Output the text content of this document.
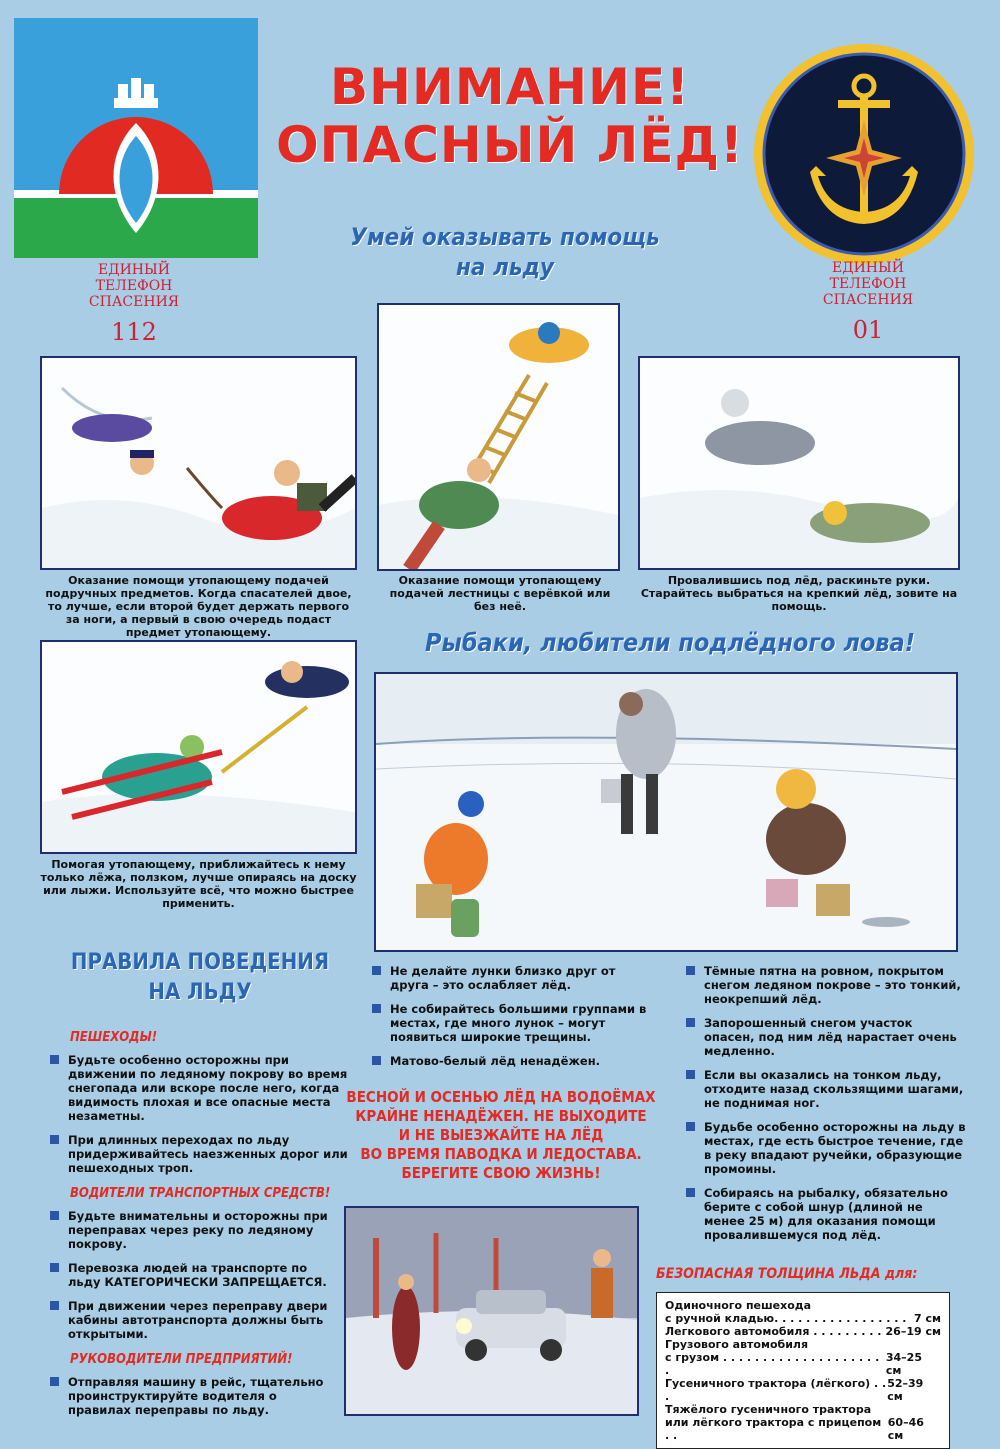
ВНИМАНИЕ!
ОПАСНЫЙ ЛЁД!
ЕДИНЫЙ
ТЕЛЕФОН
СПАСЕНИЯ
112
ЕДИНЫЙ
ТЕЛЕФОН
СПАСЕНИЯ
01
Умей оказывать помощь
на льду
Оказание помощи утопающему подачей подручных предметов. Когда спасателей двое, то лучше, если второй будет держать первого за ноги, а первый в свою очередь подаст предмет утопающему.
Оказание помощи утопающему подачей лестницы с верёвкой или без неё.
Провалившись под лёд, раскиньте руки. Старайтесь выбраться на крепкий лёд, зовите на помощь.
Помогая утопающему, приближайтесь к нему только лёжа, ползком, лучше опираясь на доску или лыжи. Используйте всё, что можно быстрее применить.
Рыбаки, любители подлёдного лова!
ПРАВИЛА ПОВЕДЕНИЯ
НА ЛЬДУ
ПЕШЕХОДЫ!
Будьте особенно осторожны при движении по ледяному покрову во время снегопада или вскоре после него, когда видимость плохая и все опасные места незаметны.
При длинных переходах по льду придерживайтесь наезженных дорог или пешеходных троп.
ВОДИТЕЛИ ТРАНСПОРТНЫХ СРЕДСТВ!
Будьте внимательны и осторожны при переправах через реку по ледяному покрову.
Перевозка людей на транспорте по льду КАТЕГОРИЧЕСКИ ЗАПРЕЩАЕТСЯ.
При движении через переправу двери кабины автотранспорта должны быть открытыми.
РУКОВОДИТЕЛИ ПРЕДПРИЯТИЙ!
Отправляя машину в рейс, тщательно проинструктируйте водителя о правилах переправы по льду.
Не делайте лунки близко друг от друга – это ослабляет лёд.
Не собирайтесь большими группами в местах, где много лунок – могут появиться широкие трещины.
Матово-белый лёд ненадёжен.
Тёмные пятна на ровном, покрытом снегом ледяном покрове – это тонкий, неокрепший лёд.
Запорошенный снегом участок опасен, под ним лёд нарастает очень медленно.
Если вы оказались на тонком льду, отходите назад скользящими шагами, не поднимая ног.
Будьбе особенно осторожны на льду в местах, где есть быстрое течение, где в реку впадают ручейки, образующие промоины.
Собираясь на рыбалку, обязательно берите с собой шнур (длиной не менее 25 м) для оказания помощи провалившемуся под лёд.
ВЕСНОЙ И ОСЕНЬЮ ЛЁД НА ВОДОЁМАХ
КРАЙНЕ НЕНАДЁЖЕН. НЕ ВЫХОДИТЕ
И НЕ ВЫЕЗЖАЙТЕ НА ЛЁД
ВО ВРЕМЯ ПАВОДКА И ЛЕДОСТАВА.
БЕРЕГИТЕ СВОЮ ЖИЗНЬ!
БЕЗОПАСНАЯ ТОЛЩИНА ЛЬДА для:
Одиночного пешехода
с ручной кладью. . . . . . . . . . . . . . . . . 7 см
Легкового автомобиля . . . . . . . . . 26–19 см
Грузового автомобиля
с грузом . . . . . . . . . . . . . . . . . . . . .
34–25 см
Гусеничного трактора (лёгкого) . . .
52–39 см
Тяжёлого гусеничного трактора
или лёгкого трактора с прицепом . .
60–46 см
